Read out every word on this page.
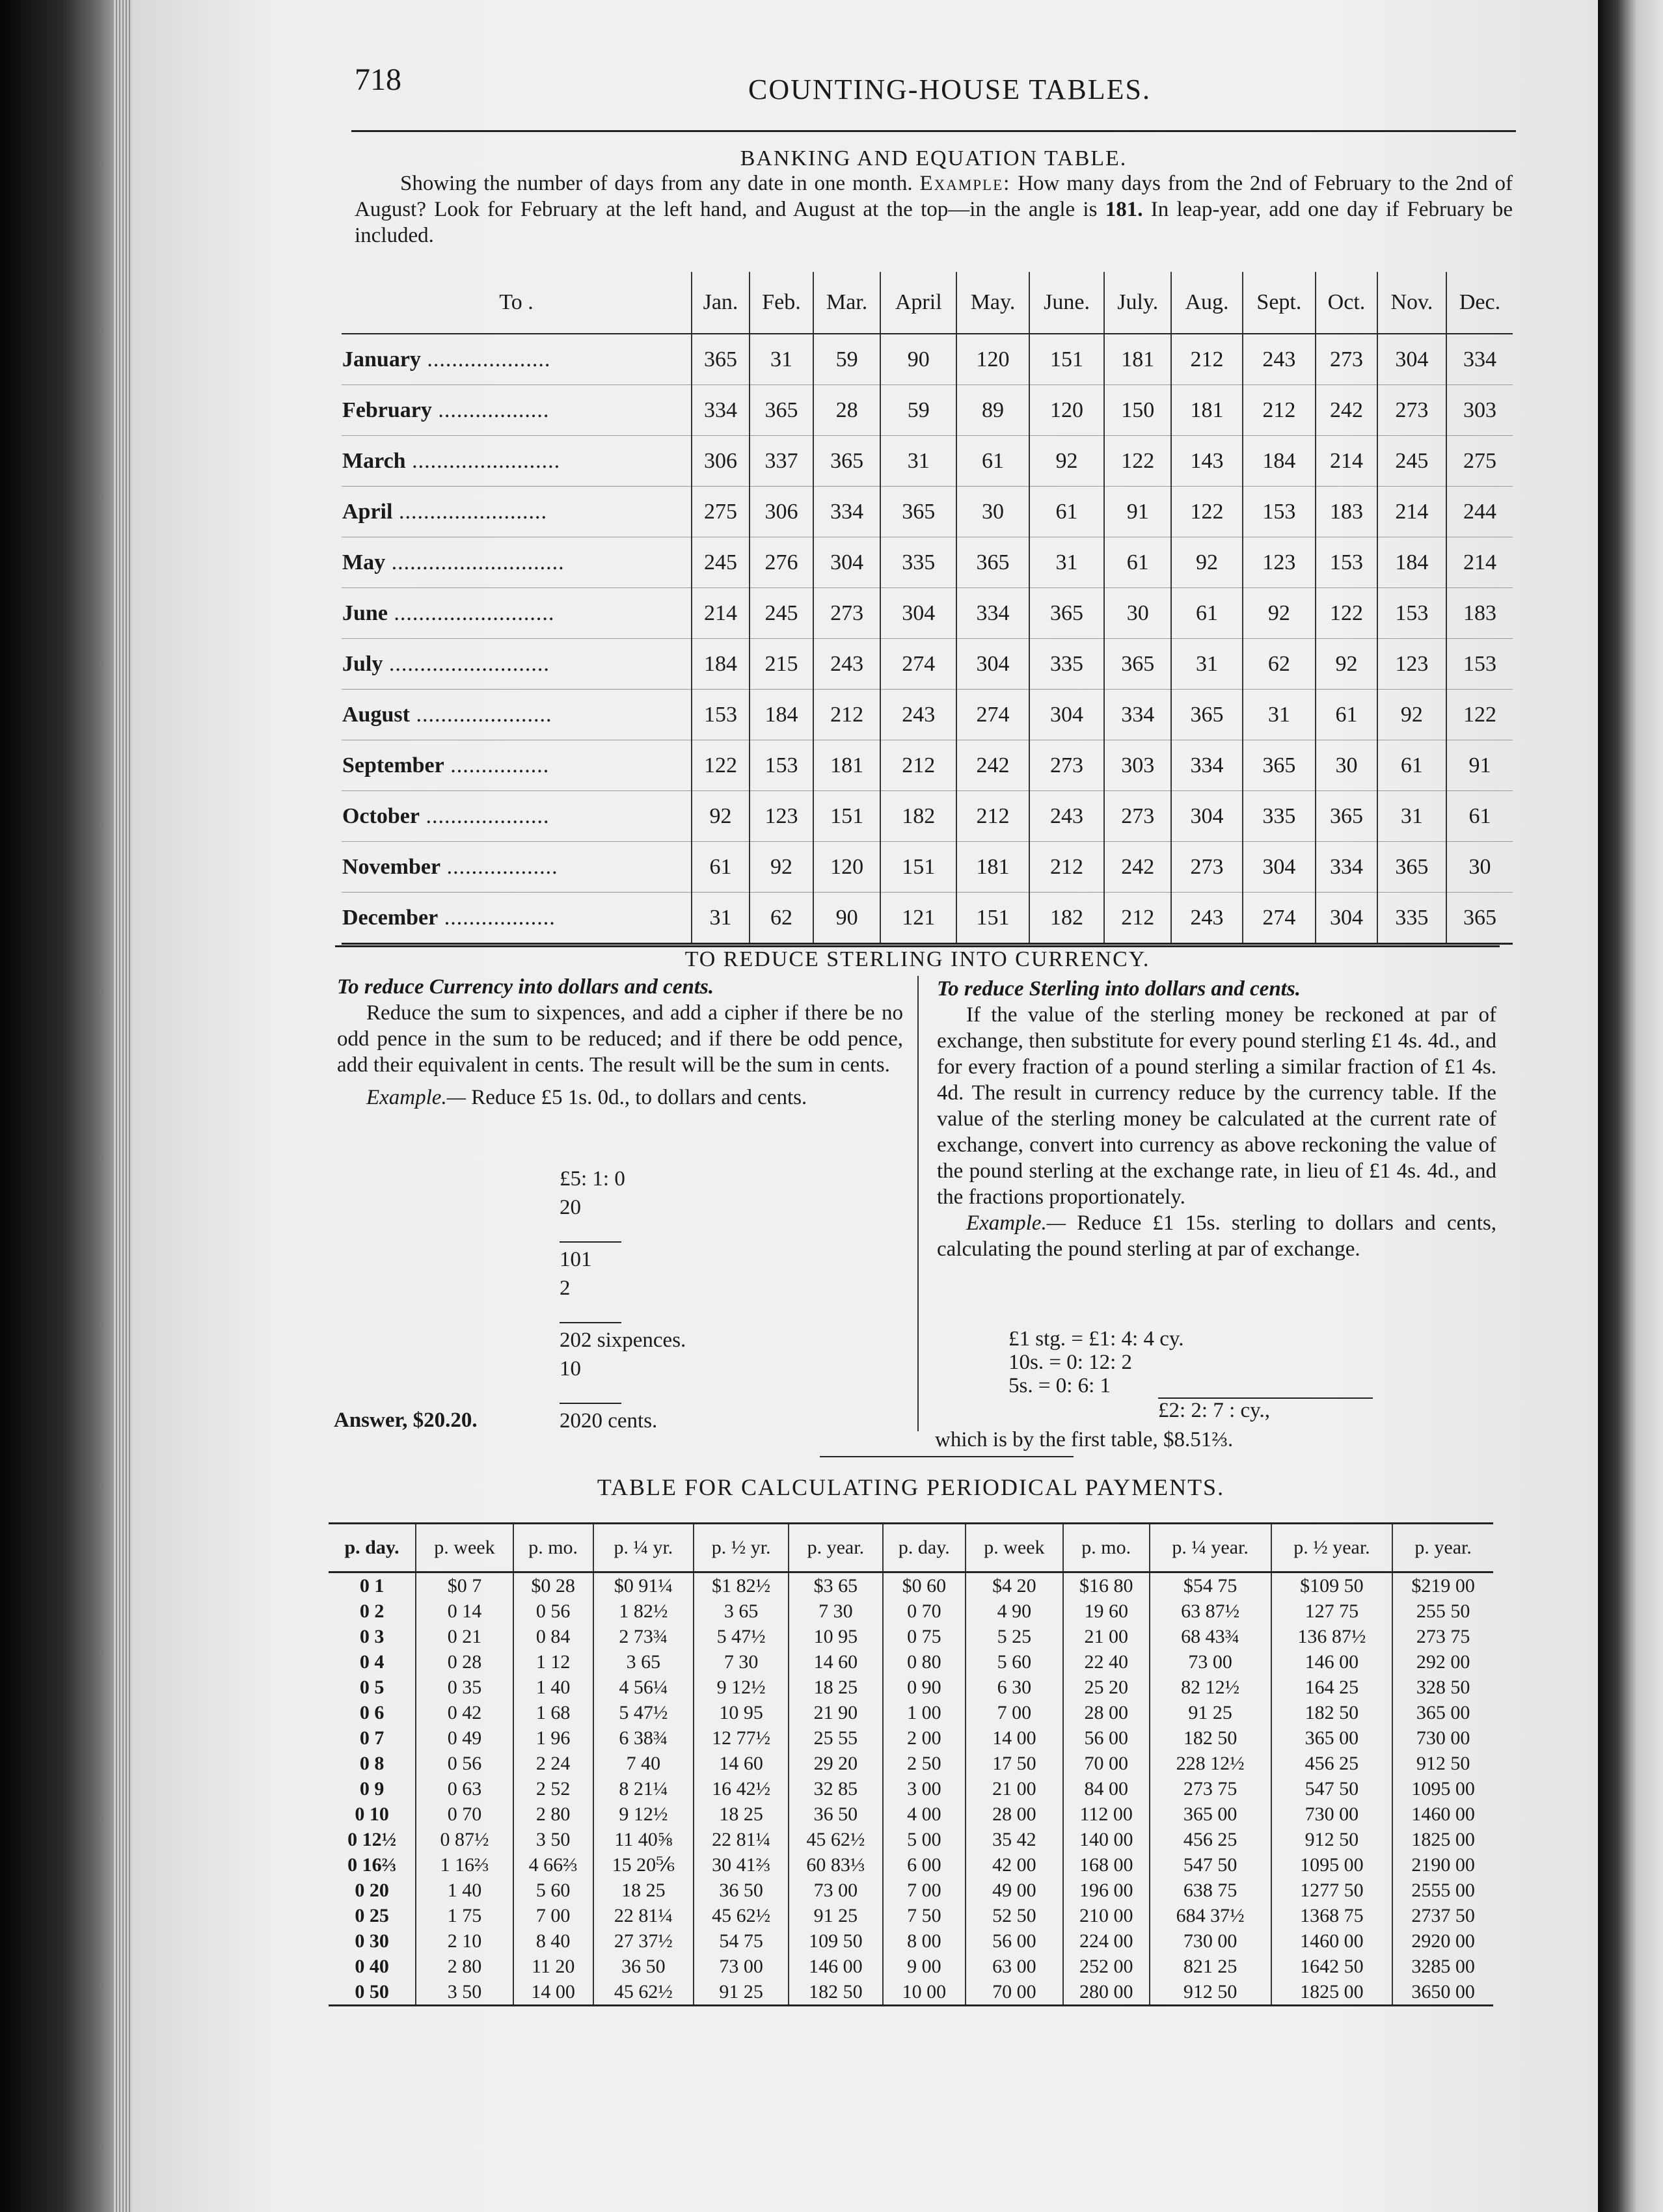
718	COUNTING-HOUSE TABLES.
BANKING AND EQUATION TABLE.

Showing the number of days from any date in one month. Example: How many days from the 2nd of February to the 2nd of August? Look for February at the left hand, and August at the top—in the angle is 181. In leap-year, add one day if February be included.

To .	Jan.	Feb.	Mar.	April	May.	June.	July.	Aug.	Sept.	Oct.	Nov.	Dec.
January ....................	365	31	59	90	120	151	181	212	243	273	304	334
February ..................	334	365	28	59	89	120	150	181	212	242	273	303
March ........................	306	337	365	31	61	92	122	143	184	214	245	275
April ........................	275	306	334	365	30	61	91	122	153	183	214	244
May ............................	245	276	304	335	365	31	61	92	123	153	184	214
June ..........................	214	245	273	304	334	365	30	61	92	122	153	183
July ..........................	184	215	243	274	304	335	365	31	62	92	123	153
August ......................	153	184	212	243	274	304	334	365	31	61	92	122
September ................	122	153	181	212	242	273	303	334	365	30	61	91
October ....................	92	123	151	182	212	243	273	304	335	365	31	61
November ..................	61	92	120	151	181	212	242	273	304	334	365	30
December ..................	31	62	90	121	151	182	212	243	274	304	335	365
TO REDUCE STERLING INTO CURRENCY.

To reduce Currency into dollars and cents.

Reduce the sum to sixpences, and add a cipher if there be no odd pence in the sum to be reduced; and if there be odd pence, add their equivalent in cents. The result will be the sum in cents.

Example.— Reduce £5 1s. 0d., to dollars and cents.

£5: 1: 0
20
101
2
202 sixpences.
10
2020 cents.
Answer, $20.20.

To reduce Sterling into dollars and cents.

If the value of the sterling money be reckoned at par of exchange, then substitute for every pound sterling £1 4s. 4d., and for every fraction of a pound sterling a similar fraction of £1 4s. 4d. The result in currency reduce by the currency table. If the value of the sterling money be calculated at the current rate of exchange, convert into currency as above reckoning the value of the pound sterling at the exchange rate, in lieu of £1 4s. 4d., and the fractions proportionately.

Example.— Reduce £1 15s. sterling to dollars and cents, calculating the pound sterling at par of exchange.

£1 stg. = £1: 4: 4 cy.
10s. = 0: 12: 2
5s. = 0: 6: 1
£2: 2: 7 : cy.,
which is by the first table, $8.51⅔.
TABLE FOR CALCULATING PERIODICAL PAYMENTS.
p. day.	p. week	p. mo.	p. ¼ yr.	p. ½ yr.	p. year.	p. day.	p. week	p. mo.	p. ¼ year.	p. ½ year.	p. year.
0 1	$0 7	$0 28	$0 91¼	$1 82½	$3 65	$0 60	$4 20	$16 80	$54 75	$109 50	$219 00
0 2	0 14	0 56	1 82½	3 65	7 30	0 70	4 90	19 60	63 87½	127 75	255 50
0 3	0 21	0 84	2 73¾	5 47½	10 95	0 75	5 25	21 00	68 43¾	136 87½	273 75
0 4	0 28	1 12	3 65	7 30	14 60	0 80	5 60	22 40	73 00	146 00	292 00
0 5	0 35	1 40	4 56¼	9 12½	18 25	0 90	6 30	25 20	82 12½	164 25	328 50
0 6	0 42	1 68	5 47½	10 95	21 90	1 00	7 00	28 00	91 25	182 50	365 00
0 7	0 49	1 96	6 38¾	12 77½	25 55	2 00	14 00	56 00	182 50	365 00	730 00
0 8	0 56	2 24	7 40	14 60	29 20	2 50	17 50	70 00	228 12½	456 25	912 50
0 9	0 63	2 52	8 21¼	16 42½	32 85	3 00	21 00	84 00	273 75	547 50	1095 00
0 10	0 70	2 80	9 12½	18 25	36 50	4 00	28 00	112 00	365 00	730 00	1460 00
0 12½	0 87½	3 50	11 40⅝	22 81¼	45 62½	5 00	35 42	140 00	456 25	912 50	1825 00
0 16⅔	1 16⅔	4 66⅔	15 20⅚	30 41⅔	60 83⅓	6 00	42 00	168 00	547 50	1095 00	2190 00
0 20	1 40	5 60	18 25	36 50	73 00	7 00	49 00	196 00	638 75	1277 50	2555 00
0 25	1 75	7 00	22 81¼	45 62½	91 25	7 50	52 50	210 00	684 37½	1368 75	2737 50
0 30	2 10	8 40	27 37½	54 75	109 50	8 00	56 00	224 00	730 00	1460 00	2920 00
0 40	2 80	11 20	36 50	73 00	146 00	9 00	63 00	252 00	821 25	1642 50	3285 00
0 50	3 50	14 00	45 62½	91 25	182 50	10 00	70 00	280 00	912 50	1825 00	3650 00
